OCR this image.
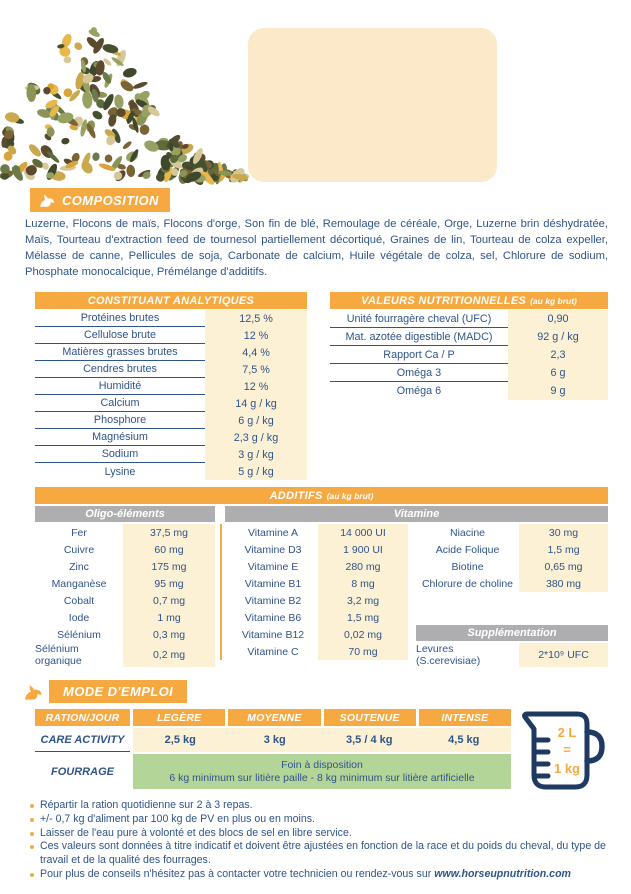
COMPOSITION

Luzerne, Flocons de maïs, Flocons d'orge, Son fin de blé, Remoulage de céréale, Orge, Luzerne brin déshydratée, Maïs, Tourteau d'extraction feed de tournesol partiellement décortiqué, Graines de lin, Tourteau de colza expeller, Mélasse de canne, Pellicules de soja, Carbonate de calcium, Huile végétale de colza, sel, Chlorure de sodium, Phosphate monocalcique, Prémélange d'additifs.

CONSTITUANT ANALYTIQUES
Protéines brutes	12,5 %
Cellulose brute	12 %
Matières grasses brutes	4,4 %
Cendres brutes	7,5 %
Humidité	12 %
Calcium	14 g / kg
Phosphore	6 g / kg
Magnésium	2,3 g / kg
Sodium	3 g / kg
Lysine	5 g / kg
VALEURS NUTRITIONNELLES (au kg brut)
Unité fourragère cheval (UFC)	0,90
Mat. azotée digestible (MADC)	92 g / kg
Rapport Ca / P	2,3
Oméga 3	6 g
Oméga 6	9 g
ADDITIFS (au kg brut)
Oligo-éléments	Vitamine
Fer	37,5 mg
Cuivre	60 mg
Zinc	175 mg
Manganèse	95 mg
Cobalt	0,7 mg
Iode	1 mg
Sélénium	0,3 mg
Sélénium organique	0,2 mg
Vitamine A	14 000 UI
Vitamine D3	1 900 UI
Vitamine E	280 mg
Vitamine B1	8 mg
Vitamine B2	3,2 mg
Vitamine B6	1,5 mg
Vitamine B12	0,02 mg
Vitamine C	70 mg
Niacine	30 mg
Acide Folique	1,5 mg
Biotine	0,65 mg
Chlorure de choline	380 mg
Supplémentation
Levures (S.cerevisiae)	2*10⁹ UFC
MODE D'EMPLOI
RATION/JOUR	LEGÈRE	MOYENNE	SOUTENUE	INTENSE
CARE ACTIVITY	2,5 kg	3 kg	3,5 / 4 kg	4,5 kg
FOURRAGE
Foin à disposition
6 kg minimum sur litière paille - 8 kg minimum sur litière artificielle
2 L
=
1 kg
Répartir la ration quotidienne sur 2 à 3 repas.
+/- 0,7 kg d'aliment par 100 kg de PV en plus ou en moins.
Laisser de l'eau pure à volonté et des blocs de sel en libre service.
Ces valeurs sont données à titre indicatif et doivent être ajustées en fonction de la race et du poids du cheval, du type de travail et de la qualité des fourrages.
Pour plus de conseils n'hésitez pas à contacter votre technicien ou rendez-vous sur www.horseupnutrition.com
